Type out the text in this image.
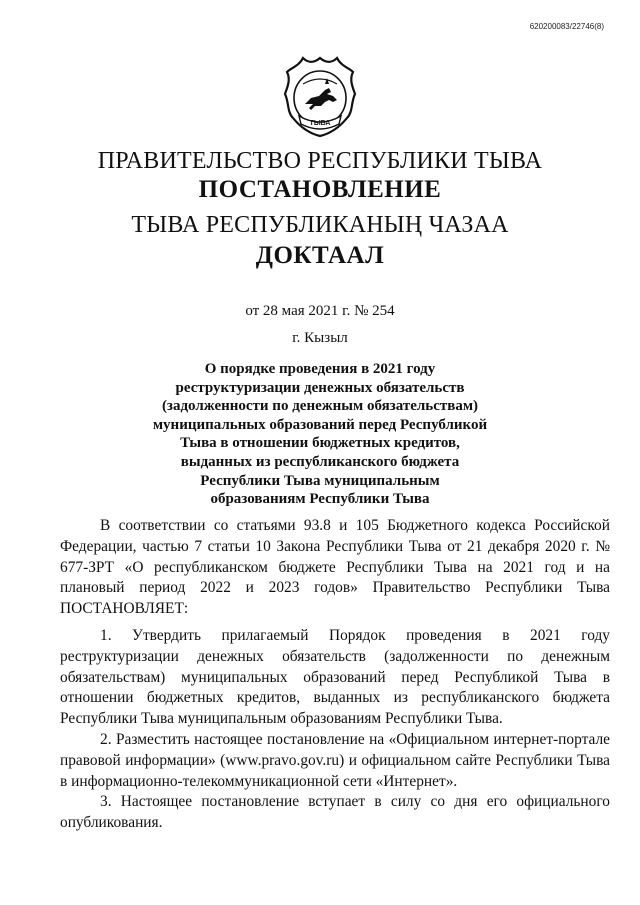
620200083/22746(8)
ТЫВА
ПРАВИТЕЛЬСТВО РЕСПУБЛИКИ ТЫВА
ПОСТАНОВЛЕНИЕ
ТЫВА РЕСПУБЛИКАНЫҢ ЧАЗАА
ДОКТААЛ
от 28 мая 2021 г. № 254
г. Кызыл
О порядке проведения в 2021 году
реструктуризации денежных обязательств
(задолженности по денежным обязательствам)
муниципальных образований перед Республикой
Тыва в отношении бюджетных кредитов,
выданных из республиканского бюджета
Республики Тыва муниципальным
образованиям Республики Тыва

В соответствии со статьями 93.8 и 105 Бюджетного кодекса Российской Федерации, частью 7 статьи 10 Закона Республики Тыва от 21 декабря 2020 г. № 677-ЗРТ «О республиканском бюджете Республики Тыва на 2021 год и на плановый период 2022 и 2023 годов» Правительство Республики Тыва ПОСТАНОВЛЯЕТ:

1. Утвердить прилагаемый Порядок проведения в 2021 году реструктуризации денежных обязательств (задолженности по денежным обязательствам) муниципальных образований перед Республикой Тыва в отношении бюджетных кредитов, выданных из республиканского бюджета Республики Тыва муниципальным образованиям Республики Тыва.

2. Разместить настоящее постановление на «Официальном интернет-портале правовой информации» (www.pravo.gov.ru) и официальном сайте Республики Тыва в информационно-телекоммуникационной сети «Интернет».

3. Настоящее постановление вступает в силу со дня его официального опубликования.
